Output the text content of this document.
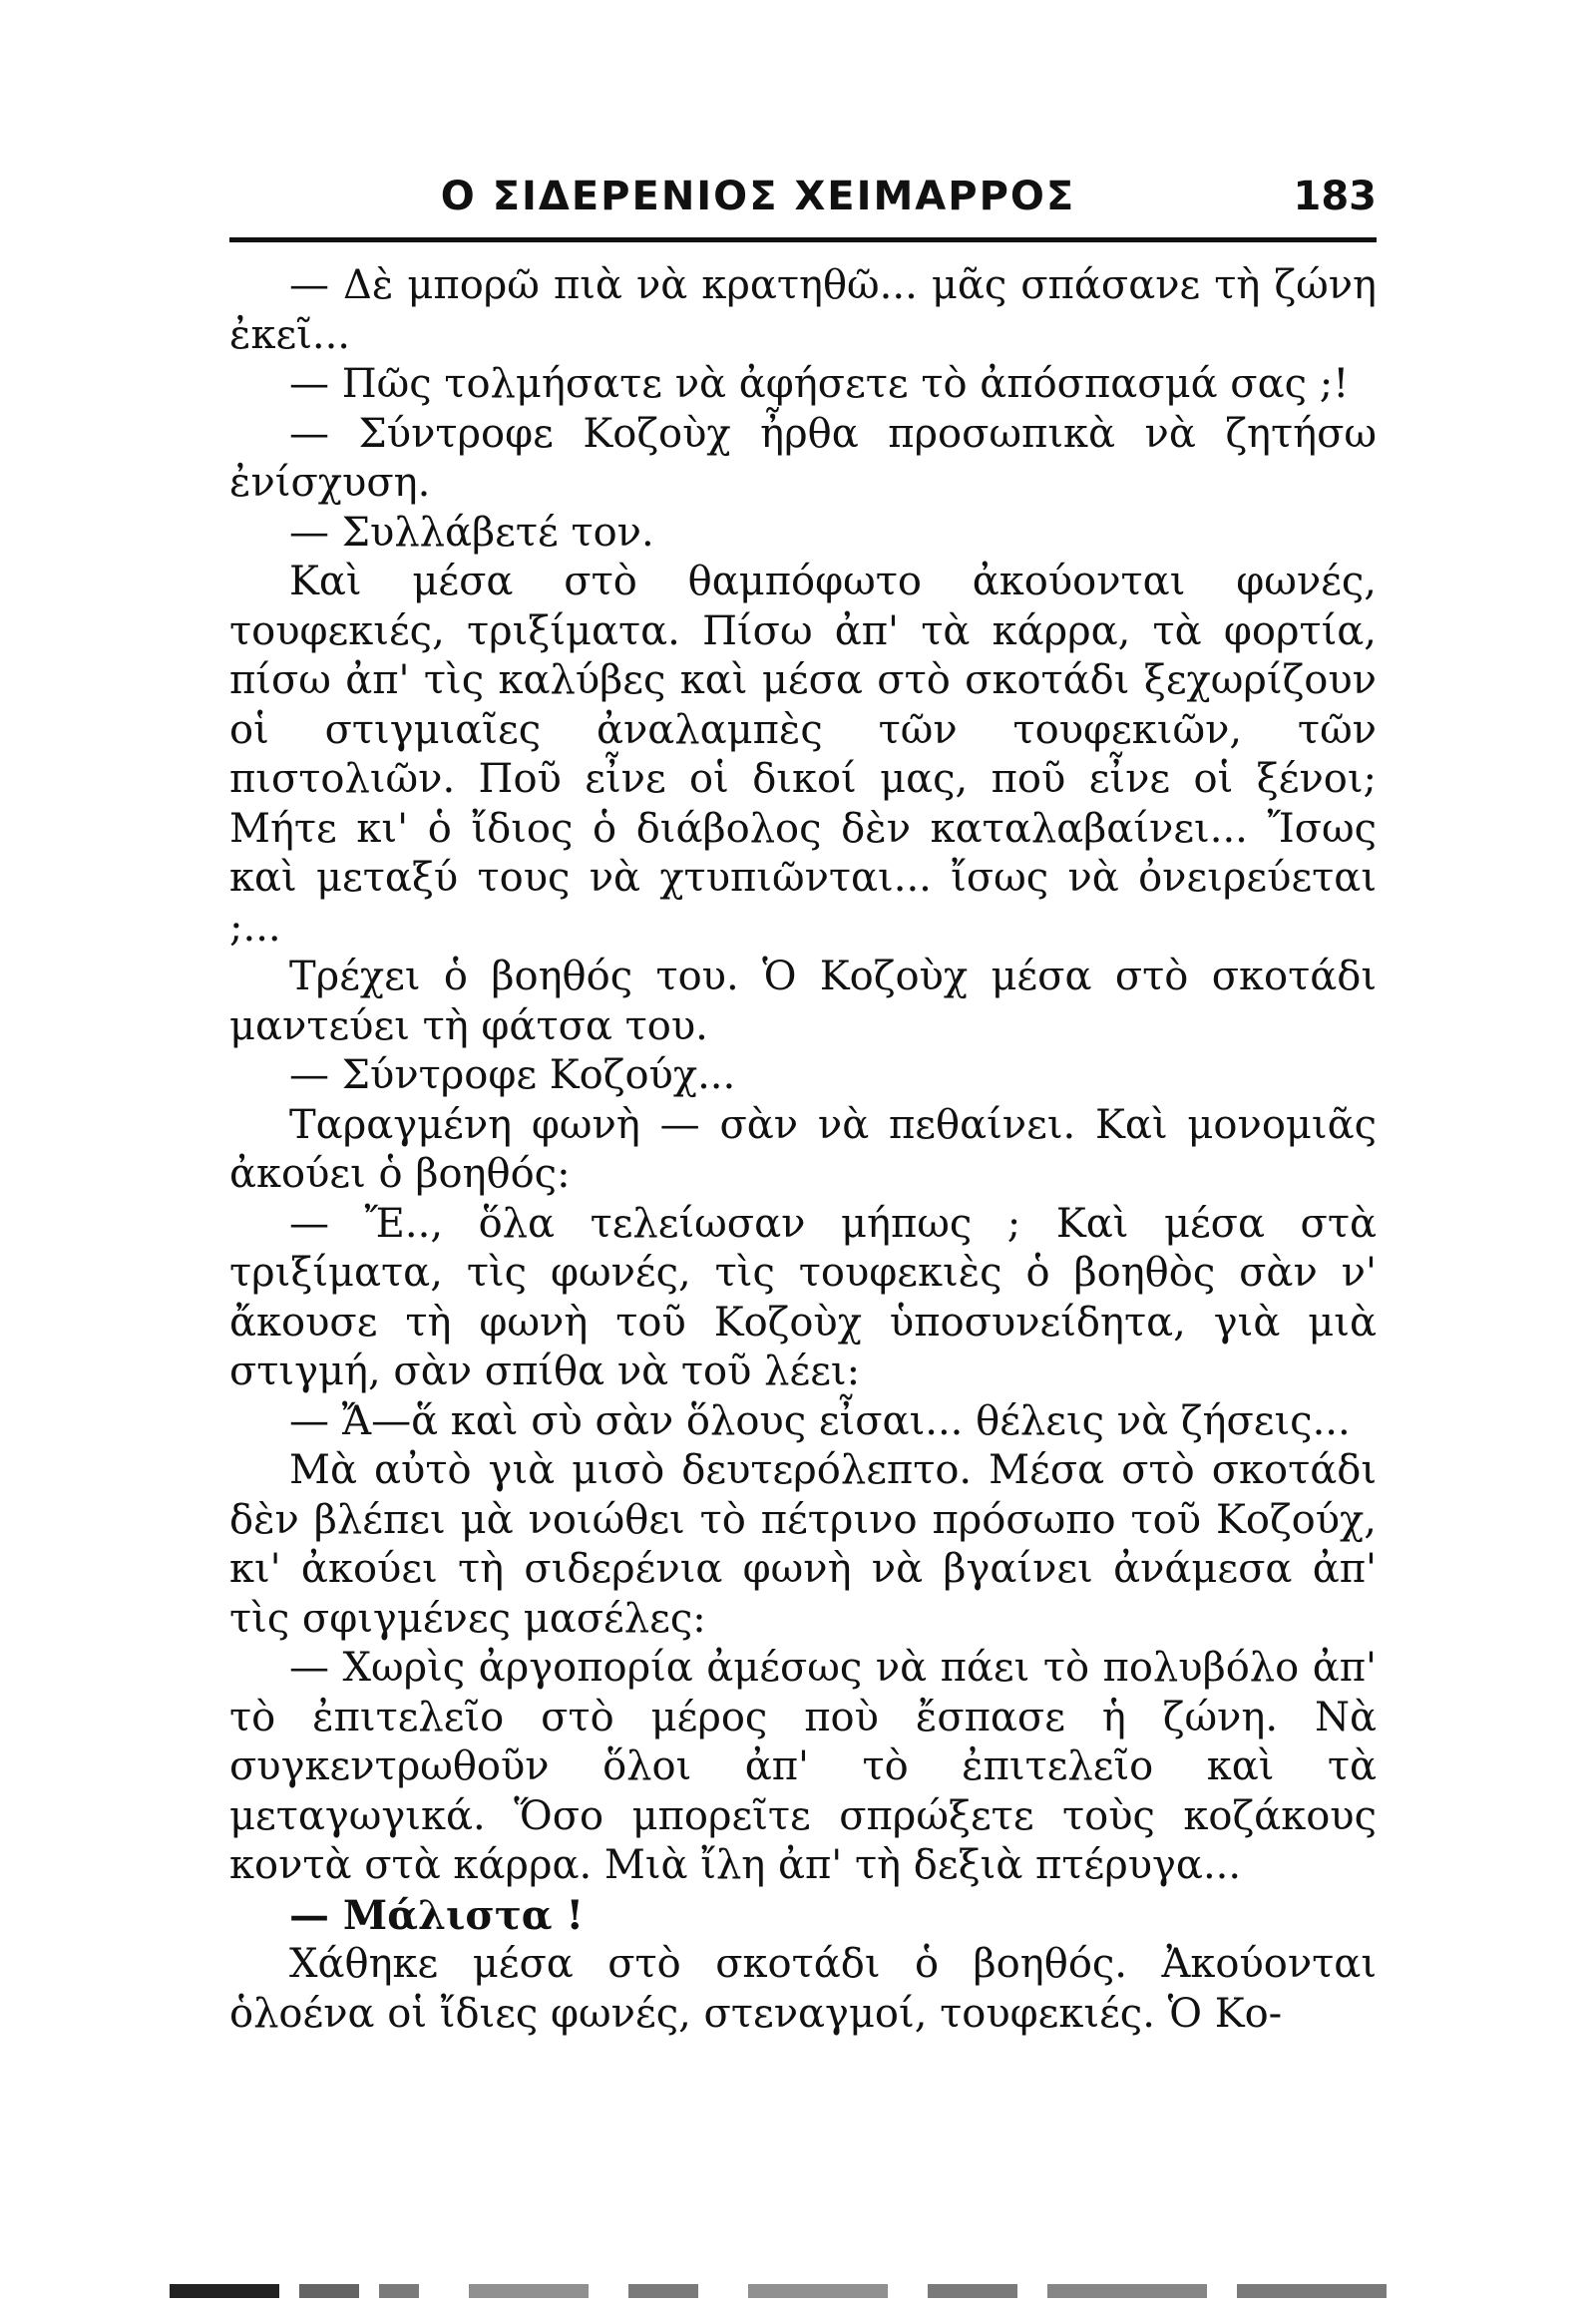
Ο ΣΙΔΕΡΕΝΙΟΣ ΧΕΙΜΑΡΡΟΣ	183

— Δὲ μπορῶ πιὰ νὰ κρατηθῶ... μᾶς σπάσανε τὴ ζώνη ἐκεῖ...

— Πῶς τολμήσατε νὰ ἀφήσετε τὸ ἀπόσπασμά σας ;!

— Σύντροφε Κοζοὺχ ἦρθα προσωπικὰ νὰ ζητήσω ἐνίσχυση.

— Συλλάβετέ τον.

Καὶ μέσα στὸ θαμπόφωτο ἀκούονται φωνές, τουφεκιές, τριξίματα. Πίσω ἀπ' τὰ κάρρα, τὰ φορτία, πίσω ἀπ' τὶς καλύβες καὶ μέσα στὸ σκοτάδι ξεχωρίζουν οἱ στιγμιαῖες ἀναλαμπὲς τῶν τουφεκιῶν, τῶν πιστολιῶν. Ποῦ εἶνε οἱ δικοί μας, ποῦ εἶνε οἱ ξένοι; Μήτε κι' ὁ ἴδιος ὁ διάβολος δὲν καταλαβαίνει... Ἴσως καὶ μεταξύ τους νὰ χτυπιῶνται... ἴσως νὰ ὀνειρεύεται ;...

Τρέχει ὁ βοηθός του. Ὁ Κοζοὺχ μέσα στὸ σκοτάδι μαντεύει τὴ φάτσα του.

— Σύντροφε Κοζούχ...

Ταραγμένη φωνὴ — σὰν νὰ πεθαίνει. Καὶ μονομιᾶς ἀκούει ὁ βοηθός:

— Ἔ.., ὅλα τελείωσαν μήπως ; Καὶ μέσα στὰ τριξίματα, τὶς φωνές, τὶς τουφεκιὲς ὁ βοηθὸς σὰν ν' ἄκουσε τὴ φωνὴ τοῦ Κοζοὺχ ὑποσυνείδητα, γιὰ μιὰ στιγμή, σὰν σπίθα νὰ τοῦ λέει:

— Ἄ—ἅ καὶ σὺ σὰν ὅλους εἶσαι... θέλεις νὰ ζήσεις...

Μὰ αὐτὸ γιὰ μισὸ δευτερόλεπτο. Μέσα στὸ σκοτάδι δὲν βλέπει μὰ νοιώθει τὸ πέτρινο πρόσωπο τοῦ Κοζούχ, κι' ἀκούει τὴ σιδερένια φωνὴ νὰ βγαίνει ἀνάμεσα ἀπ' τὶς σφιγμένες μασέλες:

— Χωρὶς ἀργοπορία ἀμέσως νὰ πάει τὸ πολυβόλο ἀπ' τὸ ἐπιτελεῖο στὸ μέρος ποὺ ἔσπασε ἡ ζώνη. Νὰ συγκεντρωθοῦν ὅλοι ἀπ' τὸ ἐπιτελεῖο καὶ τὰ μεταγωγικά. Ὅσο μπορεῖτε σπρώξετε τοὺς κοζάκους κοντὰ στὰ κάρρα. Μιὰ ἴλη ἀπ' τὴ δεξιὰ πτέρυγα...

— Μάλιστα !

Χάθηκε μέσα στὸ σκοτάδι ὁ βοηθός. Ἀκούονται ὁλοένα οἱ ἴδιες φωνές, στεναγμοί, τουφεκιές. Ὁ Κο-
